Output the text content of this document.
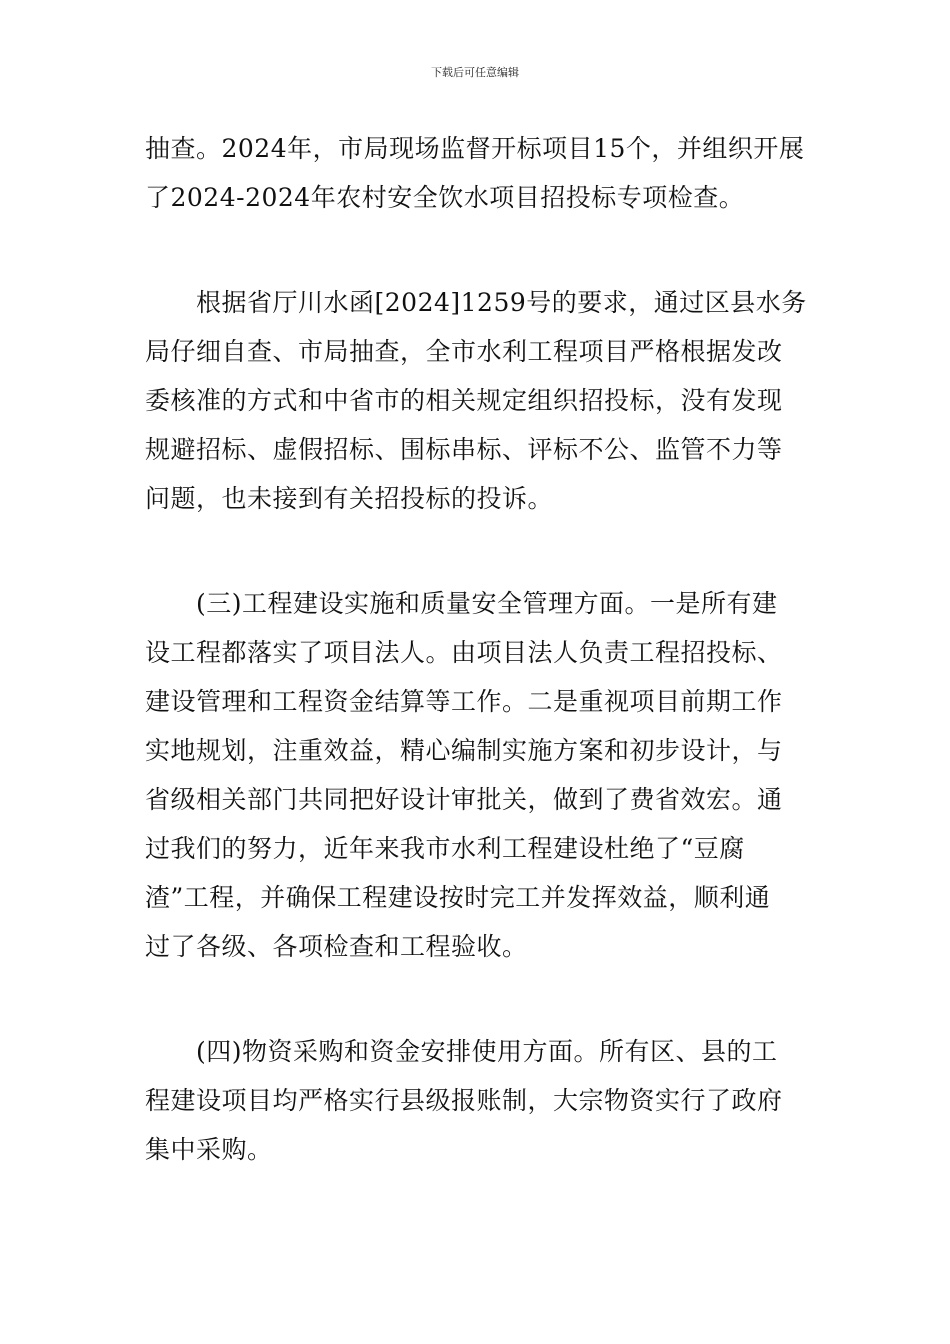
下载后可任意编辑

抽查。2024年，市局现场监督开标项目15个，并组织开展
了2024-2024年农村安全饮水项目招投标专项检查。

　　根据省厅川水函[2024]1259号的要求，通过区县水务
局仔细自查、市局抽查，全市水利工程项目严格根据发改
委核准的方式和中省市的相关规定组织招投标，没有发现
规避招标、虚假招标、围标串标、评标不公、监管不力等
问题，也未接到有关招投标的投诉。

　　(三)工程建设实施和质量安全管理方面。一是所有建
设工程都落实了项目法人。由项目法人负责工程招投标、
建设管理和工程资金结算等工作。二是重视项目前期工作
实地规划，注重效益，精心编制实施方案和初步设计，与
省级相关部门共同把好设计审批关，做到了费省效宏。通
过我们的努力，近年来我市水利工程建设杜绝了“豆腐
渣”工程，并确保工程建设按时完工并发挥效益，顺利通
过了各级、各项检查和工程验收。

　　(四)物资采购和资金安排使用方面。所有区、县的工
程建设项目均严格实行县级报账制，大宗物资实行了政府
集中采购。
